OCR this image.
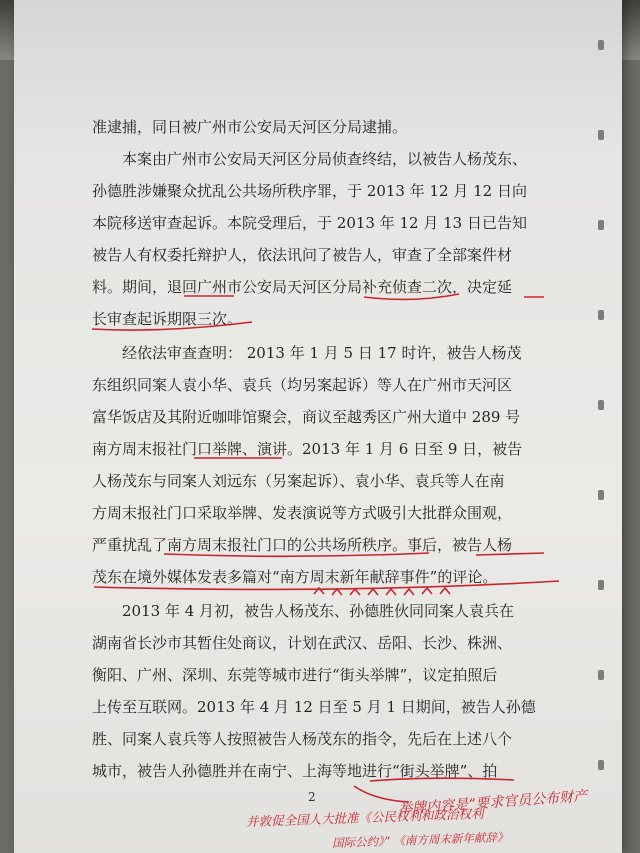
准逮捕，同日被广州市公安局天河区分局逮捕。
本案由广州市公安局天河区分局侦查终结，以被告人杨茂东、
孙德胜涉嫌聚众扰乱公共场所秩序罪，于 2013 年 12 月 12 日向
本院移送审查起诉。本院受理后，于 2013 年 12 月 13 日已告知
被告人有权委托辩护人，依法讯问了被告人，审查了全部案件材
料。期间，退回广州市公安局天河区分局补充侦查二次，决定延
长审查起诉期限三次。
经依法审查查明： 2013 年 1 月 5 日 17 时许，被告人杨茂
东组织同案人袁小华、袁兵（均另案起诉）等人在广州市天河区
富华饭店及其附近咖啡馆聚会，商议至越秀区广州大道中 289 号
南方周末报社门口举牌、演讲。2013 年 1 月 6 日至 9 日，被告
人杨茂东与同案人刘远东（另案起诉）、袁小华、袁兵等人在南
方周末报社门口采取举牌、发表演说等方式吸引大批群众围观，
严重扰乱了南方周末报社门口的公共场所秩序。事后，被告人杨
茂东在境外媒体发表多篇对“南方周末新年献辞事件”的评论。
2013 年 4 月初，被告人杨茂东、孙德胜伙同同案人袁兵在
湖南省长沙市其暂住处商议，计划在武汉、岳阳、长沙、株洲、
衡阳、广州、深圳、东莞等城市进行“街头举牌”，议定拍照后
上传至互联网。2013 年 4 月 12 日至 5 月 1 日期间，被告人孙德
胜、同案人袁兵等人按照被告人杨茂东的指令，先后在上述八个
城市，被告人孙德胜并在南宁、上海等地进行“街头举牌”、拍
2	举牌内容是“要求官员公布财产
并敦促全国人大批准《公民权利和政治权利
国际公约》” 《南方周末新年献辞》
